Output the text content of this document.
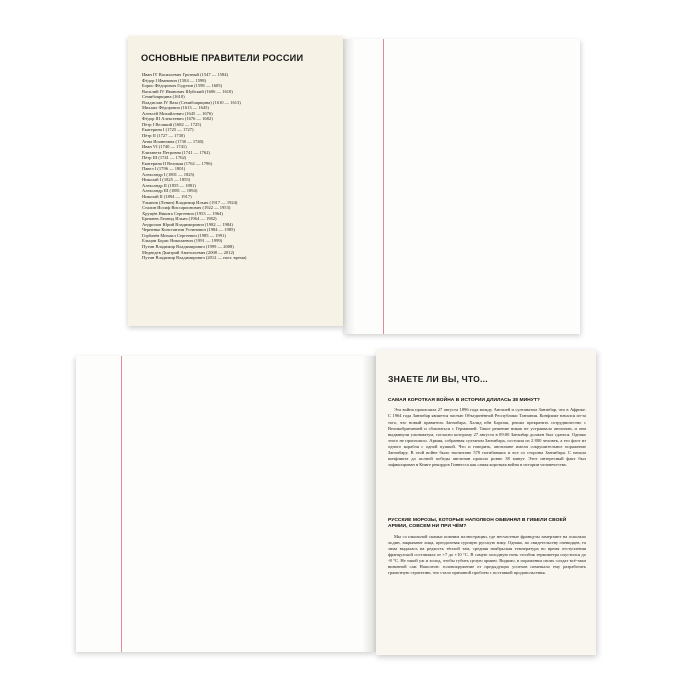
ОСНОВНЫЕ ПРАВИТЕЛИ РОССИИ
Иван IV Васильевич Грозный (1547 — 1584)
Фёдор I Иванович (1584 — 1598)
Борис Фёдорович Годунов (1598 — 1605)
Василий IV Иванович Шуйский (1606 — 1610)
Семибоярщина (1610)
Владислав IV Ваза (Семибоярщина) (1610 — 1613)
Михаил Фёдорович (1613 — 1645)
Алексей Михайлович (1645 — 1676)
Фёдор III Алексеевич (1676 — 1682)
Пётр I Великий (1682 — 1725)
Екатерина I (1725 — 1727)
Пётр II (1727 — 1730)
Анна Иоанновна (1730 — 1740)
Иван VI (1740 — 1741)
Елизавета Петровна (1741 — 1762)
Пётр III (1741 — 1762)
Екатерина II Великая (1762 — 1796)
Павел I (1796 — 1801)
Александр I (1801 — 1825)
Николай I (1825 — 1855)
Александр II (1855 — 1881)
Александр III (1881 — 1894)
Николай II (1894 — 1917)
Ульянов (Ленин) Владимир Ильич (1917 — 1924)
Сталин Иосиф Виссарионович (1922 — 1953)
Хрущёв Никита Сергеевич (1953 — 1964)
Брежнев Леонид Ильич (1964 — 1982)
Андропов Юрий Владимирович (1982 — 1984)
Черненко Константин Устинович (1984 — 1985)
Горбачёв Михаил Сергеевич (1985 — 1991)
Ельцин Борис Николаевич (1991 — 1999)
Путин Владимир Владимирович (1999 — 2008)
Медведев Дмитрий Анатольевич (2008 — 2012)
Путин Владимир Владимирович (2012 — наст. время)
ЗНАЕТЕ ЛИ ВЫ, ЧТО...
САМАЯ КОРОТКАЯ ВОЙНА В ИСТОРИИ ДЛИЛАСЬ 38 МИНУТ?
Эта война произошла 27 августа 1896 года между Англией и султанатом Занзибар, что в Африке. С 1964 года Занзибар является частью Объединённой Республики Танзания. Конфликт начался из-за того, что новый правитель Занзибара, Халид ибн Баргаш, решил прекратить сотрудничество с Великобританией и сблизиться с Германией. Такое решение никак не устраивало англичан, и они выдвинули ультиматум, согласно которому 27 августа в 09:00 Занзибар должен был сдаться. Однако этого не произошло. Армия, собранная султаном Занзибара, состояла из 2 800 человек, а его флот из одного корабля с одной пушкой. Что и говорить, англичане имели сокрушительное поражение Занзибару. В этой войне было насчитано 570 погибавших и все со стороны Занзибара. С начала конфликта до полной победы англичан прошло ровно 38 минут. Этот интересный факт был зафиксирован в Книге рекордов Гиннесса как самая короткая война в истории человечества.
РУССКИЕ МОРОЗЫ, КОТОРЫЕ НАПОЛЕОН ОБВИНЯЛ В ГИБЕЛИ СВОЕЙ АРМИИ, СОВСЕМ НИ ПРИ ЧЁМ?
Мы со школьной скамьи помним иллюстрации, где несчастные французы замерзают на осколках льдин, закрывают лица, преодолевая суровую русскую зиму. Однако, по свидетельству очевидцев, та зима выдалась на редкость тёплой там, средняя ноябрьская температура во время отступления французской составляла от +7 до +10 °C. В самую холодную ночь столбик термометра опустился до -8 °C. Не такой уж и холод, чтобы губить целую армию. Видимо, в поражении своих солдат всё-таки виновной сам Наполеон: головокружение от предыдущих успехов помешало ему разработать грамотную стратегию, что стало причиной проблем с поставкой продовольствия.
